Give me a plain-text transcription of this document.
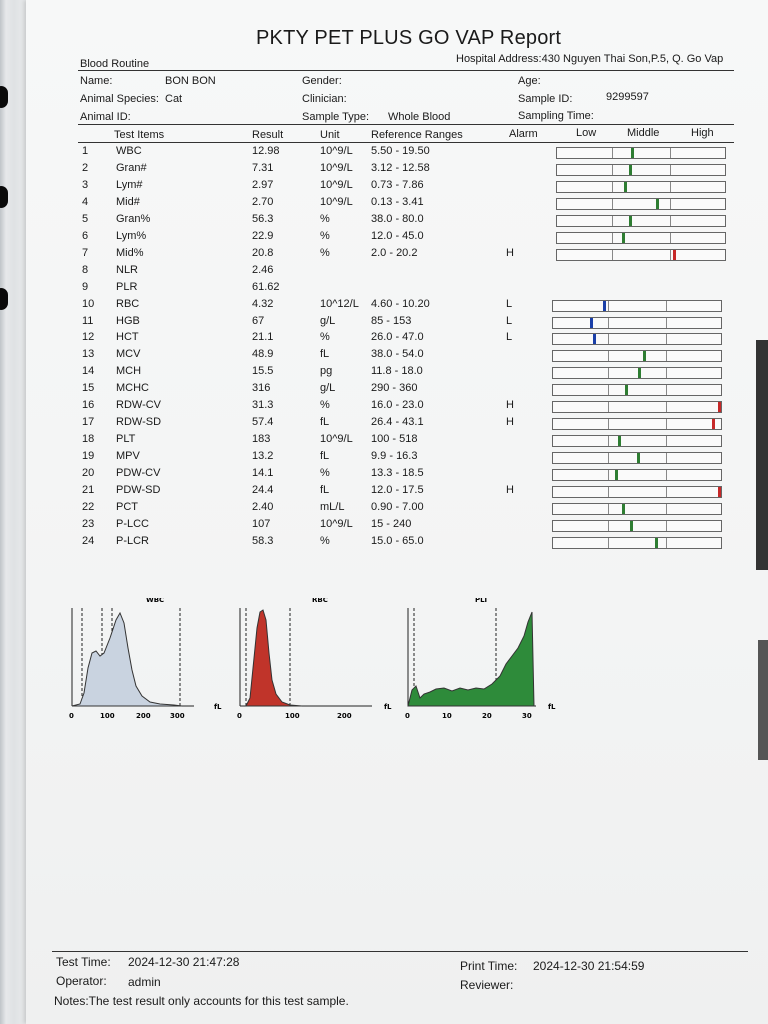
PKTY PET PLUS GO VAP Report
Blood Routine	Hospital Address:430 Nguyen Thai Son,P.5, Q. Go Vap
Name:	BON BON
Animal Species: Cat
Animal ID:
Gender:
Clinician:
Sample Type: Whole Blood
Age:
Sample ID:	9299597
Sampling Time:
Test Items	Result	Unit	Reference Ranges	Alarm	Low	Middle	High
1	WBC	12.98	10^9/L 5.50 - 19.50
2	Gran#	7.31	10^9/L 3.12 - 12.58
3	Lym#	2.97	10^9/L 0.73 - 7.86
4	Mid#	2.70	10^9/L 0.13 - 3.41
5	Gran%	56.3	%	38.0 - 80.0
6	Lym%	22.9	%	12.0 - 45.0
7	Mid%	20.8	%	2.0 - 20.2	H
8	NLR	2.46
9	PLR	61.62
10 RBC	4.32	10^12/L 4.60 - 10.20	L
11 HGB	67	g/L	85 - 153	L
12 HCT	21.1	%	26.0 - 47.0	L
13 MCV	48.9	fL	38.0 - 54.0
14 MCH	15.5	pg	11.8 - 18.0
15 MCHC	316	g/L	290 - 360
16 RDW-CV	31.3	%	16.0 - 23.0	H
17 RDW-SD	57.4	fL	26.4 - 43.1	H
18 PLT	183	10^9/L 100 - 518
19 MPV	13.2	fL	9.9 - 16.3
20 PDW-CV	14.1	%	13.3 - 18.5
21 PDW-SD	24.4	fL	12.0 - 17.5	H
22 PCT	2.40	mL/L 0.90 - 7.00
23 P-LCC	107	10^9/L 15 - 240
24 P-LCR	58.3	%	15.0 - 65.0
WBC
fL
0	100	200	300
RBC
fL
0	100	200
PLT
fL
0	10	20	30
Test Time: 2024-12-30 21:47:28
Operator: admin
Notes:The test result only accounts for this test sample.
Print Time: 2024-12-30 21:54:59
Reviewer:
